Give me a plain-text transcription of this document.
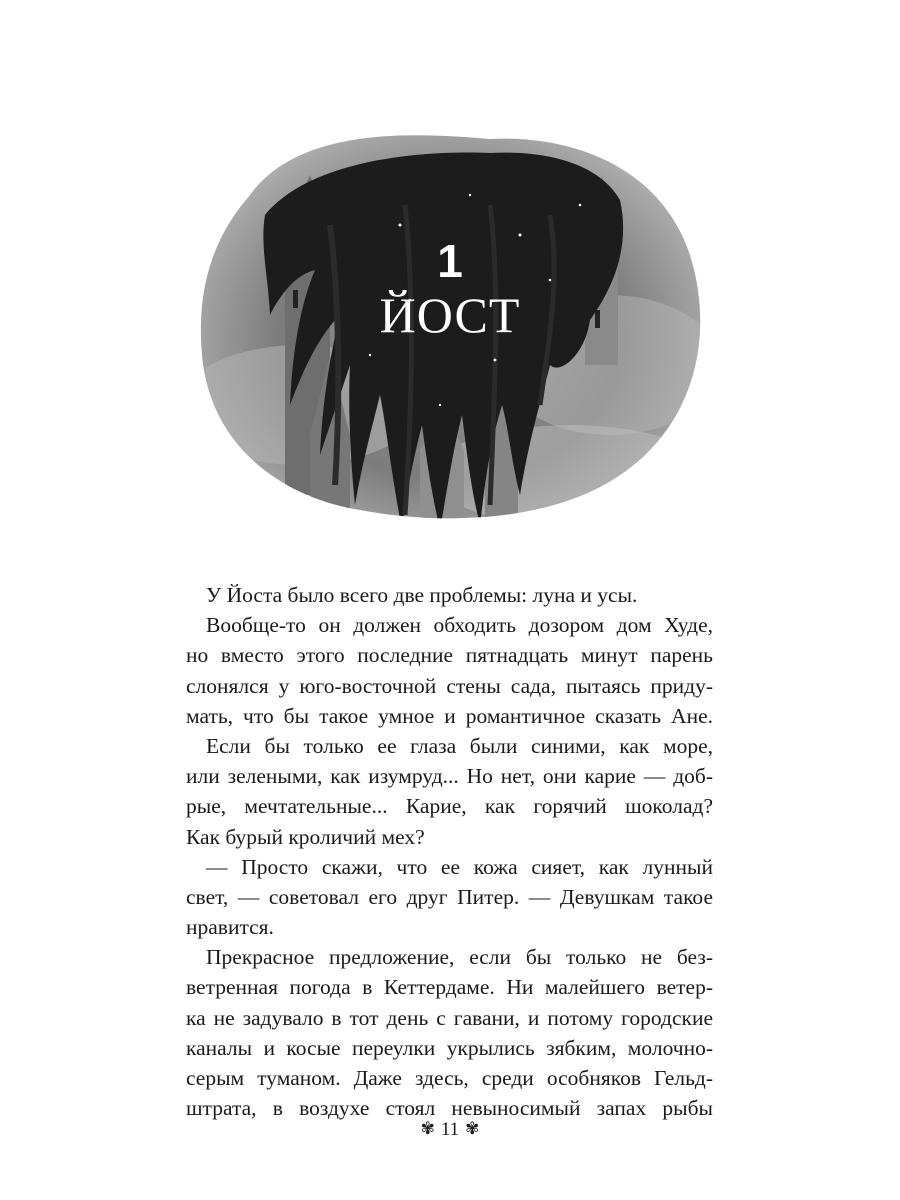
1
ЙОСТ
У Йоста было всего две проблемы: луна и усы.
Вообще-то он должен обходить дозором дом Худе,
но вместо этого последние пятнадцать минут парень
слонялся у юго-восточной стены сада, пытаясь приду-
мать, что бы такое умное и романтичное сказать Ане.
Если бы только ее глаза были синими, как море,
или зелеными, как изумруд... Но нет, они карие — доб-
рые, мечтательные... Карие, как горячий шоколад?
Как бурый кроличий мех?
— Просто скажи, что ее кожа сияет, как лунный
свет, — советовал его друг Питер. — Девушкам такое
нравится.
Прекрасное предложение, если бы только не без-
ветренная погода в Кеттердаме. Ни малейшего ветер-
ка не задувало в тот день с гавани, и потому городские
каналы и косые переулки укрылись зябким, молочно-
серым туманом. Даже здесь, среди особняков Гельд-
штрата, в воздухе стоял невыносимый запах рыбы
✾ 11 ✾
